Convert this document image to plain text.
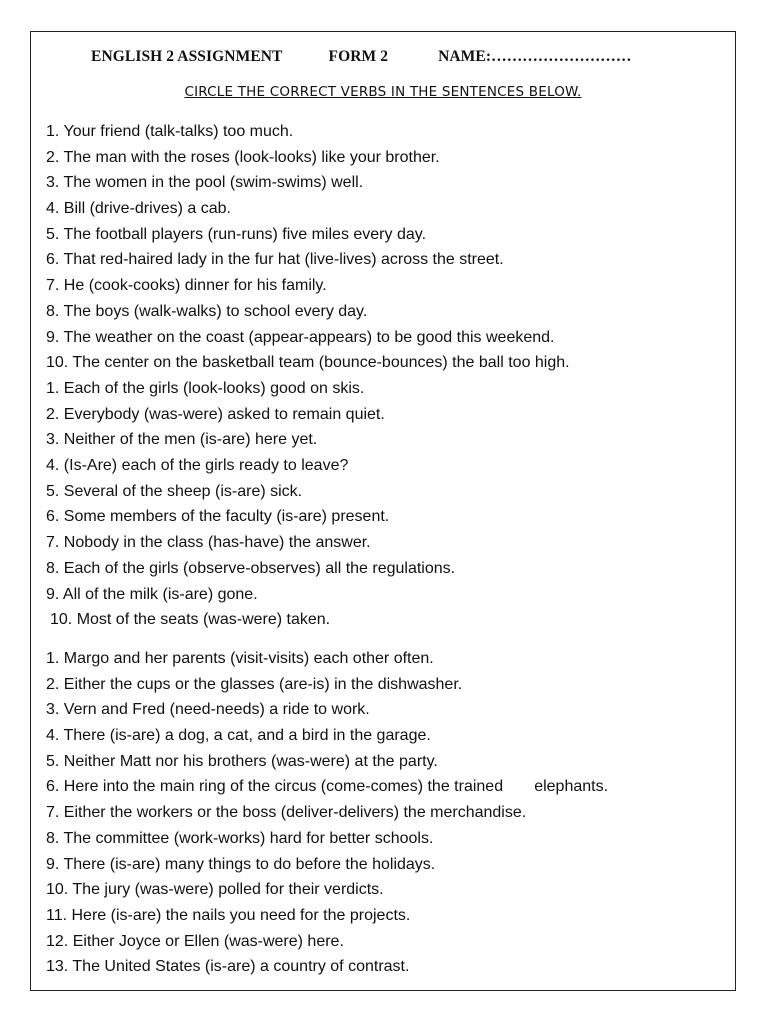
ENGLISH 2 ASSIGNMENT	FORM 2	NAME:………………………
CIRCLE THE CORRECT VERBS IN THE SENTENCES BELOW.
1. Your friend (talk-talks) too much.
2. The man with the roses (look-looks) like your brother.
3. The women in the pool (swim-swims) well.
4. Bill (drive-drives) a cab.
5. The football players (run-runs) five miles every day.
6. That red-haired lady in the fur hat (live-lives) across the street.
7. He (cook-cooks) dinner for his family.
8. The boys (walk-walks) to school every day.
9. The weather on the coast (appear-appears) to be good this weekend.
10. The center on the basketball team (bounce-bounces) the ball too high.
1. Each of the girls (look-looks) good on skis.
2. Everybody (was-were) asked to remain quiet.
3. Neither of the men (is-are) here yet.
4. (Is-Are) each of the girls ready to leave?
5. Several of the sheep (is-are) sick.
6. Some members of the faculty (is-are) present.
7. Nobody in the class (has-have) the answer.
8. Each of the girls (observe-observes) all the regulations.
9. All of the milk (is-are) gone.
10. Most of the seats (was-were) taken.
1. Margo and her parents (visit-visits) each other often.
2. Either the cups or the glasses (are-is) in the dishwasher.
3. Vern and Fred (need-needs) a ride to work.
4. There (is-are) a dog, a cat, and a bird in the garage.
5. Neither Matt nor his brothers (was-were) at the party.
6. Here into the main ring of the circus (come-comes) the trained       elephants.
7. Either the workers or the boss (deliver-delivers) the merchandise.
8. The committee (work-works) hard for better schools.
9. There (is-are) many things to do before the holidays.
10. The jury (was-were) polled for their verdicts.
11. Here (is-are) the nails you need for the projects.
12. Either Joyce or Ellen (was-were) here.
13. The United States (is-are) a country of contrast.
